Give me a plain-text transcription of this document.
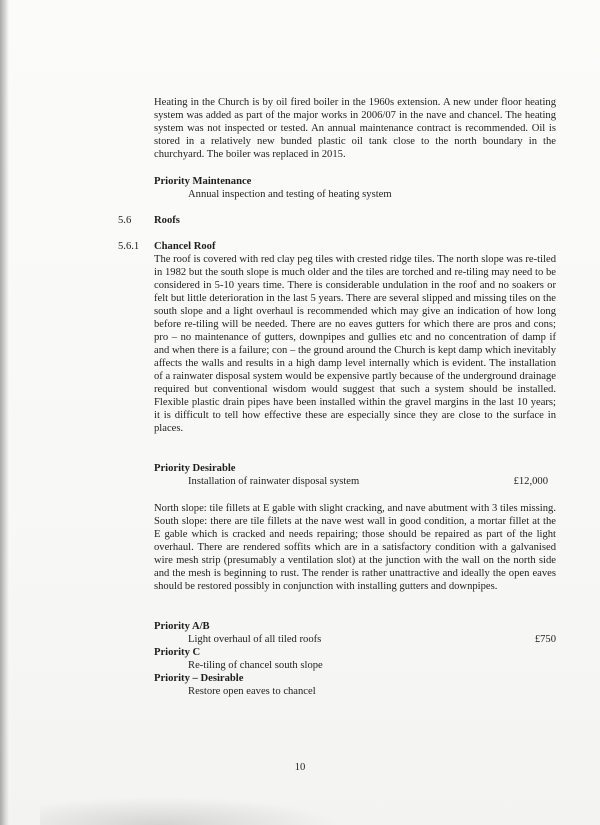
Heating in the Church is by oil fired boiler in the 1960s extension. A new under floor heating system was added as part of the major works in 2006/07 in the nave and chancel. The heating system was not inspected or tested. An annual maintenance contract is recommended. Oil is stored in a relatively new bunded plastic oil tank close to the north boundary in the churchyard. The boiler was replaced in 2015.

Priority Maintenance

Annual inspection and testing of heating system

5.6 Roofs
5.6.1 Chancel Roof

The roof is covered with red clay peg tiles with crested ridge tiles. The north slope was re-tiled in 1982 but the south slope is much older and the tiles are torched and re-tiling may need to be considered in 5-10 years time. There is considerable undulation in the roof and no soakers or felt but little deterioration in the last 5 years. There are several slipped and missing tiles on the south slope and a light overhaul is recommended which may give an indication of how long before re-tiling will be needed. There are no eaves gutters for which there are pros and cons; pro – no maintenance of gutters, downpipes and gullies etc and no concentration of damp if and when there is a failure; con – the ground around the Church is kept damp which inevitably affects the walls and results in a high damp level internally which is evident. The installation of a rainwater disposal system would be expensive partly because of the underground drainage required but conventional wisdom would suggest that such a system should be installed. Flexible plastic drain pipes have been installed within the gravel margins in the last 10 years; it is difficult to tell how effective these are especially since they are close to the surface in places.

Priority Desirable

Installation of rainwater disposal system	£12,000

North slope: tile fillets at E gable with slight cracking, and nave abutment with 3 tiles missing. South slope: there are tile fillets at the nave west wall in good condition, a mortar fillet at the E gable which is cracked and needs repairing; those should be repaired as part of the light overhaul. There are rendered soffits which are in a satisfactory condition with a galvanised wire mesh strip (presumably a ventilation slot) at the junction with the wall on the north side and the mesh is beginning to rust. The render is rather unattractive and ideally the open eaves should be restored possibly in conjunction with installing gutters and downpipes.

Priority A/B

Light overhaul of all tiled roofs	£750

Priority C

Re-tiling of chancel south slope

Priority – Desirable

Restore open eaves to chancel

10
